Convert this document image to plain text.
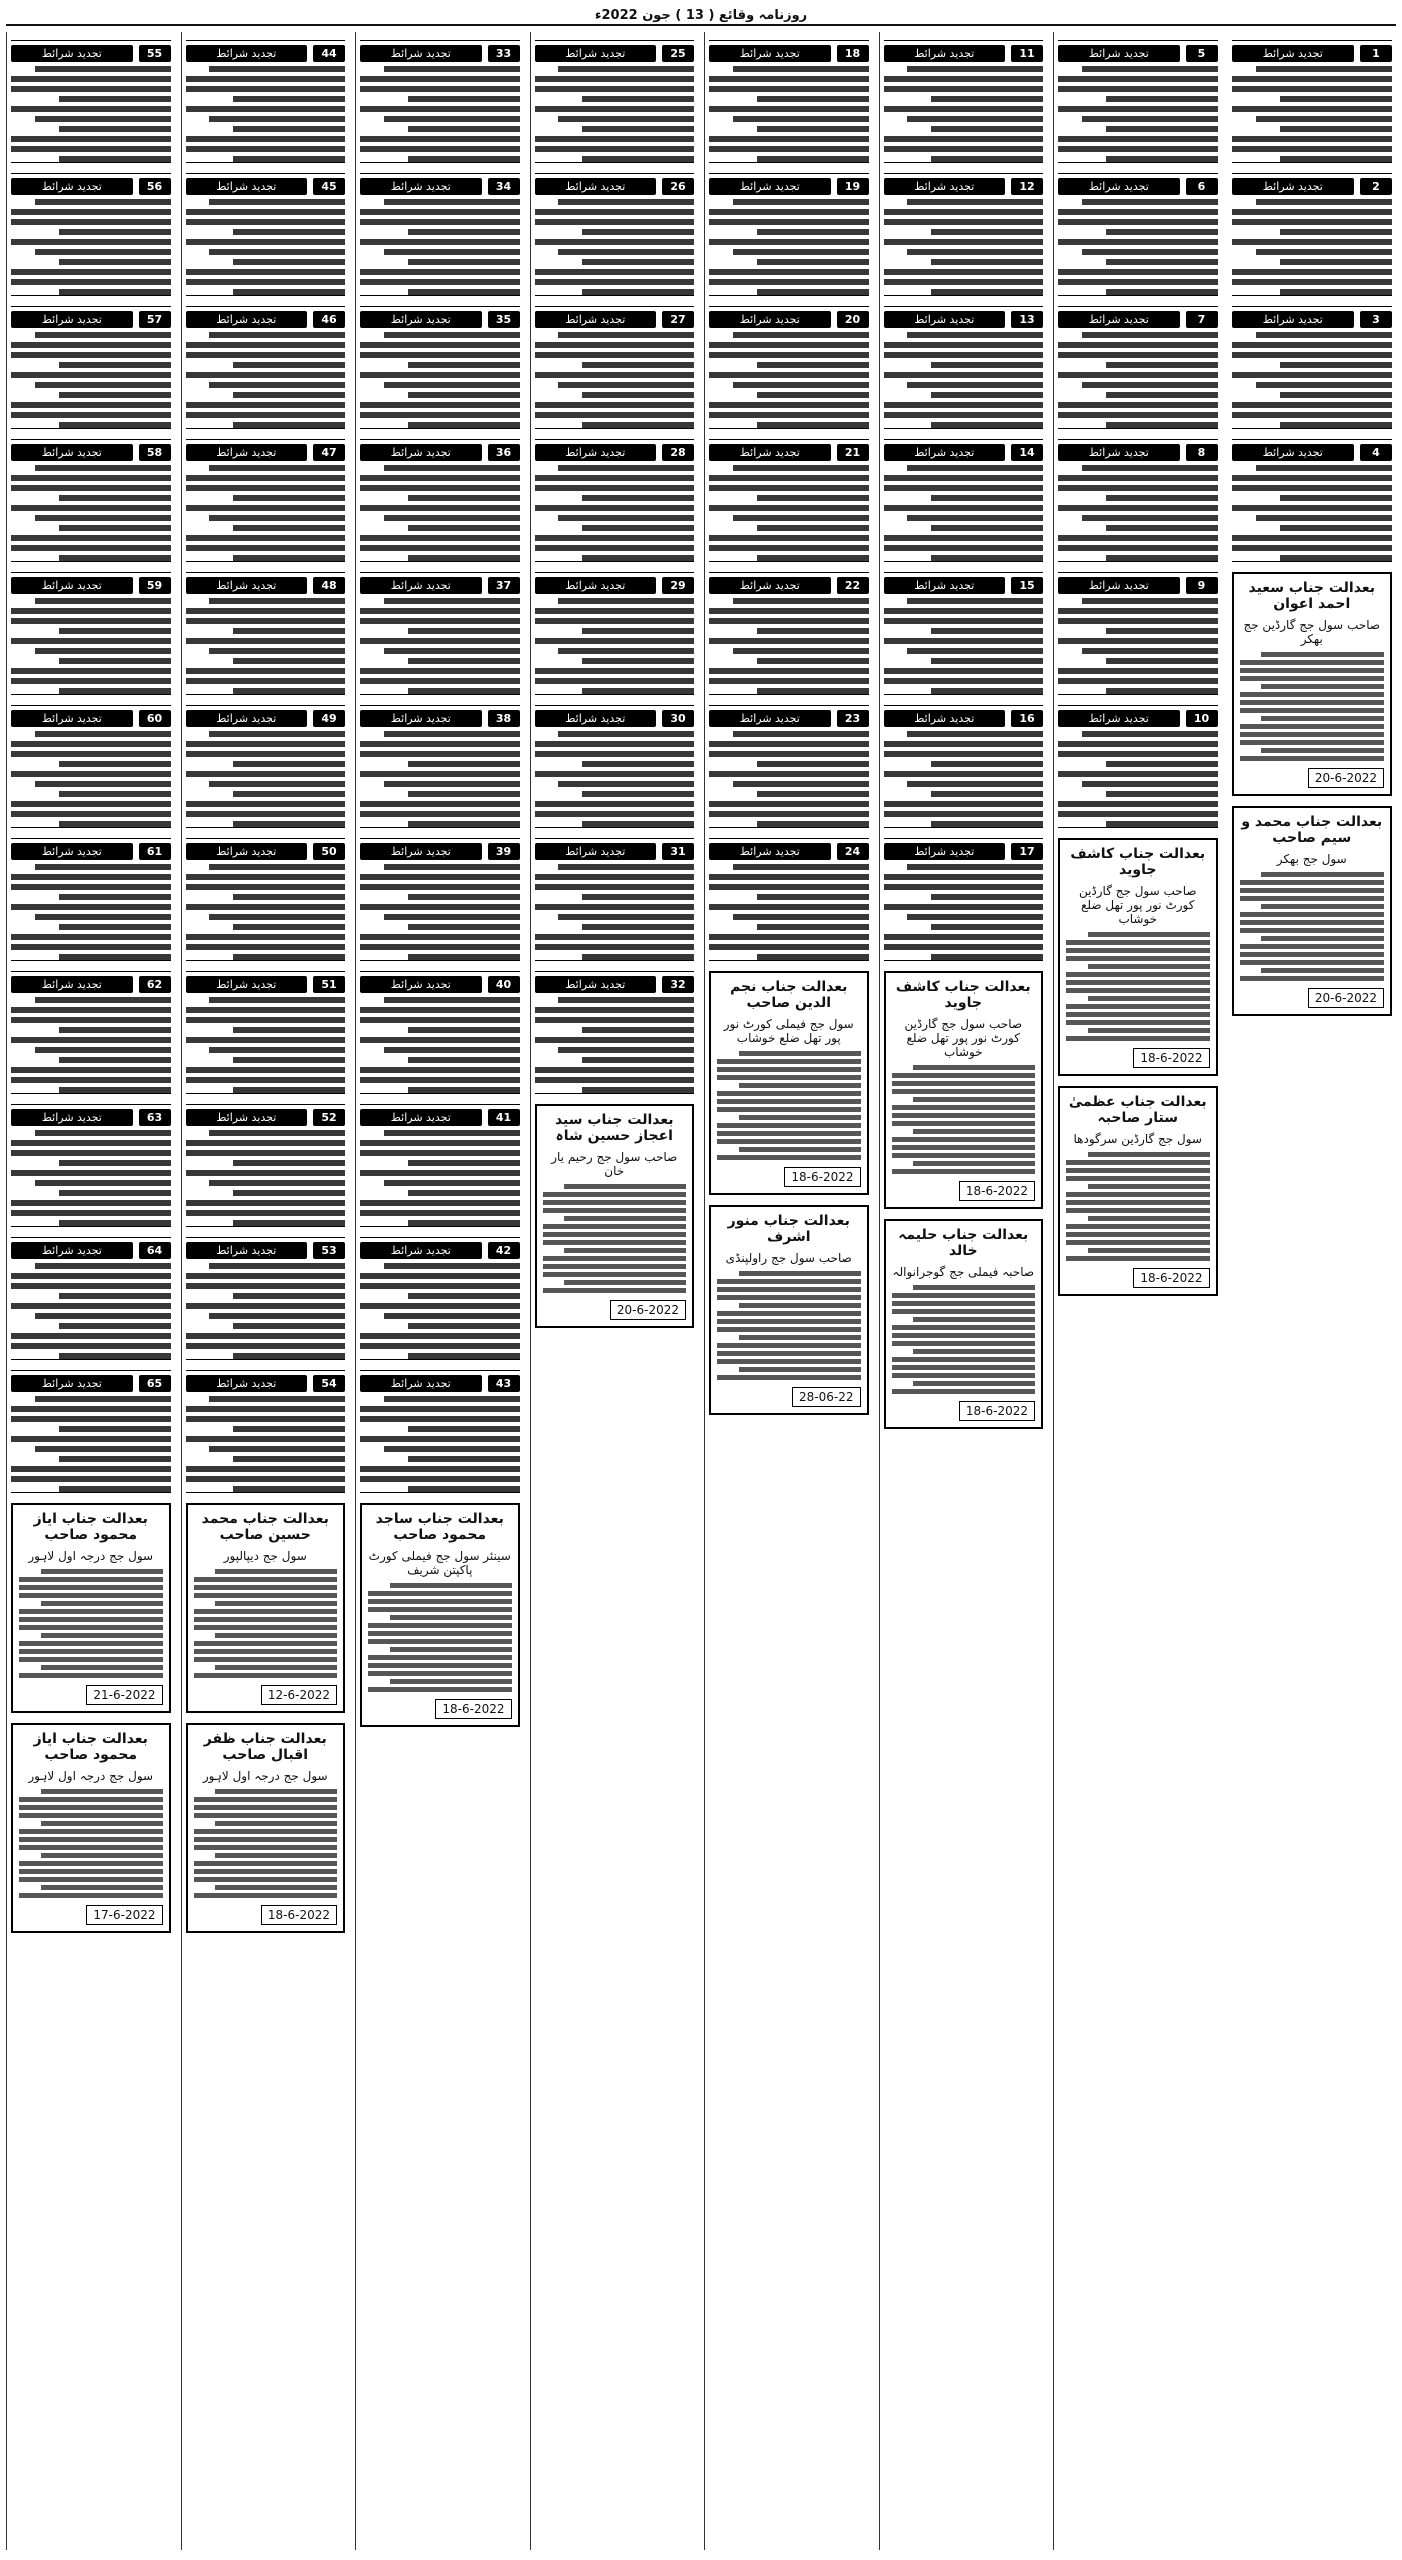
روزنامہ وقائع ( 13 ) جون 2022ء
1
تجدید شرائط
2
تجدید شرائط
3
تجدید شرائط
4
تجدید شرائط
بعدالت جناب سعید احمد اعوان
صاحب سول جج گارڈین جج بھکر
20-6-2022
بعدالت جناب محمد و سیم صاحب
سول جج بھکر
20-6-2022
5
تجدید شرائط
6
تجدید شرائط
7
تجدید شرائط
8
تجدید شرائط
9
تجدید شرائط
10
تجدید شرائط
بعدالت جناب کاشف جاوید
صاحب سول جج گارڈین کورٹ نور پور تھل ضلع خوشاب
18-6-2022
بعدالت جناب عظمیٰ ستار صاحبہ
سول جج گارڈین سرگودھا
18-6-2022
11
تجدید شرائط
12
تجدید شرائط
13
تجدید شرائط
14
تجدید شرائط
15
تجدید شرائط
16
تجدید شرائط
17
تجدید شرائط
بعدالت جناب کاشف جاوید
صاحب سول جج گارڈین کورٹ نور پور تھل ضلع خوشاب
18-6-2022
بعدالت جناب حلیمہ خالد
صاحبہ فیملی جج گوجرانوالہ
18-6-2022
18
تجدید شرائط
19
تجدید شرائط
20
تجدید شرائط
21
تجدید شرائط
22
تجدید شرائط
23
تجدید شرائط
24
تجدید شرائط
بعدالت جناب نجم الدین صاحب
سول جج فیملی کورٹ نور پور تھل ضلع خوشاب
18-6-2022
بعدالت جناب منور اشرف
صاحب سول جج راولپنڈی
28-06-22
25
تجدید شرائط
26
تجدید شرائط
27
تجدید شرائط
28
تجدید شرائط
29
تجدید شرائط
30
تجدید شرائط
31
تجدید شرائط
32
تجدید شرائط
بعدالت جناب سید اعجاز حسین شاہ
صاحب سول جج رحیم یار خان
20-6-2022
33
تجدید شرائط
34
تجدید شرائط
35
تجدید شرائط
36
تجدید شرائط
37
تجدید شرائط
38
تجدید شرائط
39
تجدید شرائط
40
تجدید شرائط
41
تجدید شرائط
42
تجدید شرائط
43
تجدید شرائط
بعدالت جناب ساجد محمود صاحب
سینئر سول جج فیملی کورٹ پاکپتن شریف
18-6-2022
44
تجدید شرائط
45
تجدید شرائط
46
تجدید شرائط
47
تجدید شرائط
48
تجدید شرائط
49
تجدید شرائط
50
تجدید شرائط
51
تجدید شرائط
52
تجدید شرائط
53
تجدید شرائط
54
تجدید شرائط
بعدالت جناب محمد حسین صاحب
سول جج دیپالپور
12-6-2022
بعدالت جناب ظفر اقبال صاحب
سول جج درجہ اول لاہور
18-6-2022
55
تجدید شرائط
56
تجدید شرائط
57
تجدید شرائط
58
تجدید شرائط
59
تجدید شرائط
60
تجدید شرائط
61
تجدید شرائط
62
تجدید شرائط
63
تجدید شرائط
64
تجدید شرائط
65
تجدید شرائط
بعدالت جناب ایاز محمود صاحب
سول جج درجہ اول لاہور
21-6-2022
بعدالت جناب ایاز محمود صاحب
سول جج درجہ اول لاہور
17-6-2022
